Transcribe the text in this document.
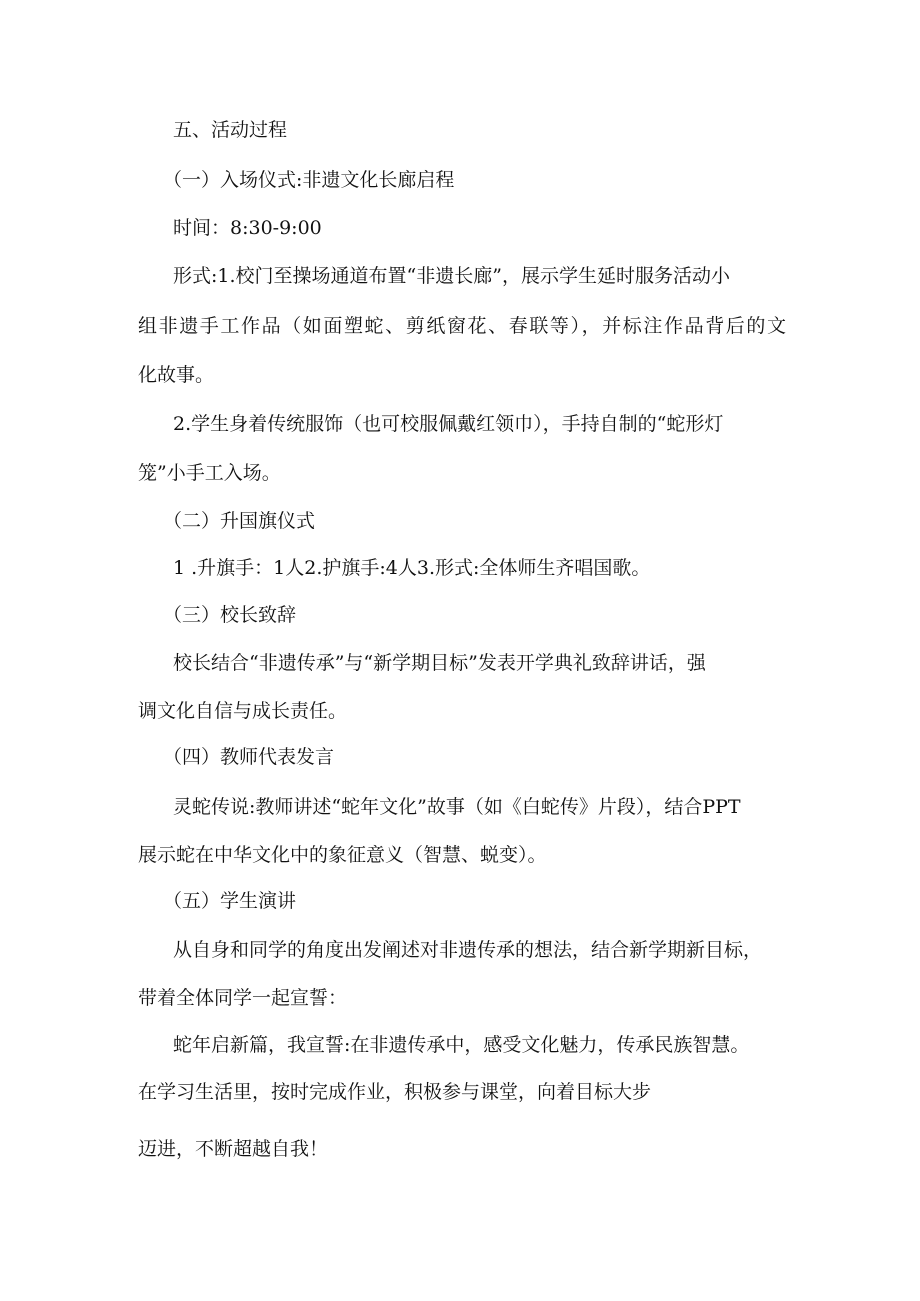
五、活动过程

（一）入场仪式:非遗文化长廊启程

时间：8:30-9:00

形式:1.校门至操场通道布置“非遗长廊”，展示学生延时服务活动小

组非遗手工作品（如面塑蛇、剪纸窗花、春联等），并标注作品背后的文

化故事。

2.学生身着传统服饰（也可校服佩戴红领巾），手持自制的“蛇形灯

笼”小手工入场。

（二）升国旗仪式

1 .升旗手：1人2.护旗手:4人3.形式:全体师生齐唱国歌。

（三）校长致辞

校长结合“非遗传承”与“新学期目标”发表开学典礼致辞讲话，强

调文化自信与成长责任。

（四）教师代表发言

灵蛇传说:教师讲述“蛇年文化”故事（如《白蛇传》片段），结合PPT

展示蛇在中华文化中的象征意义（智慧、蜕变）。

（五）学生演讲

从自身和同学的角度出发阐述对非遗传承的想法，结合新学期新目标，

带着全体同学一起宣誓：

蛇年启新篇，我宣誓:在非遗传承中，感受文化魅力，传承民族智慧。

在学习生活里，按时完成作业，积极参与课堂，向着目标大步

迈进，不断超越自我！
